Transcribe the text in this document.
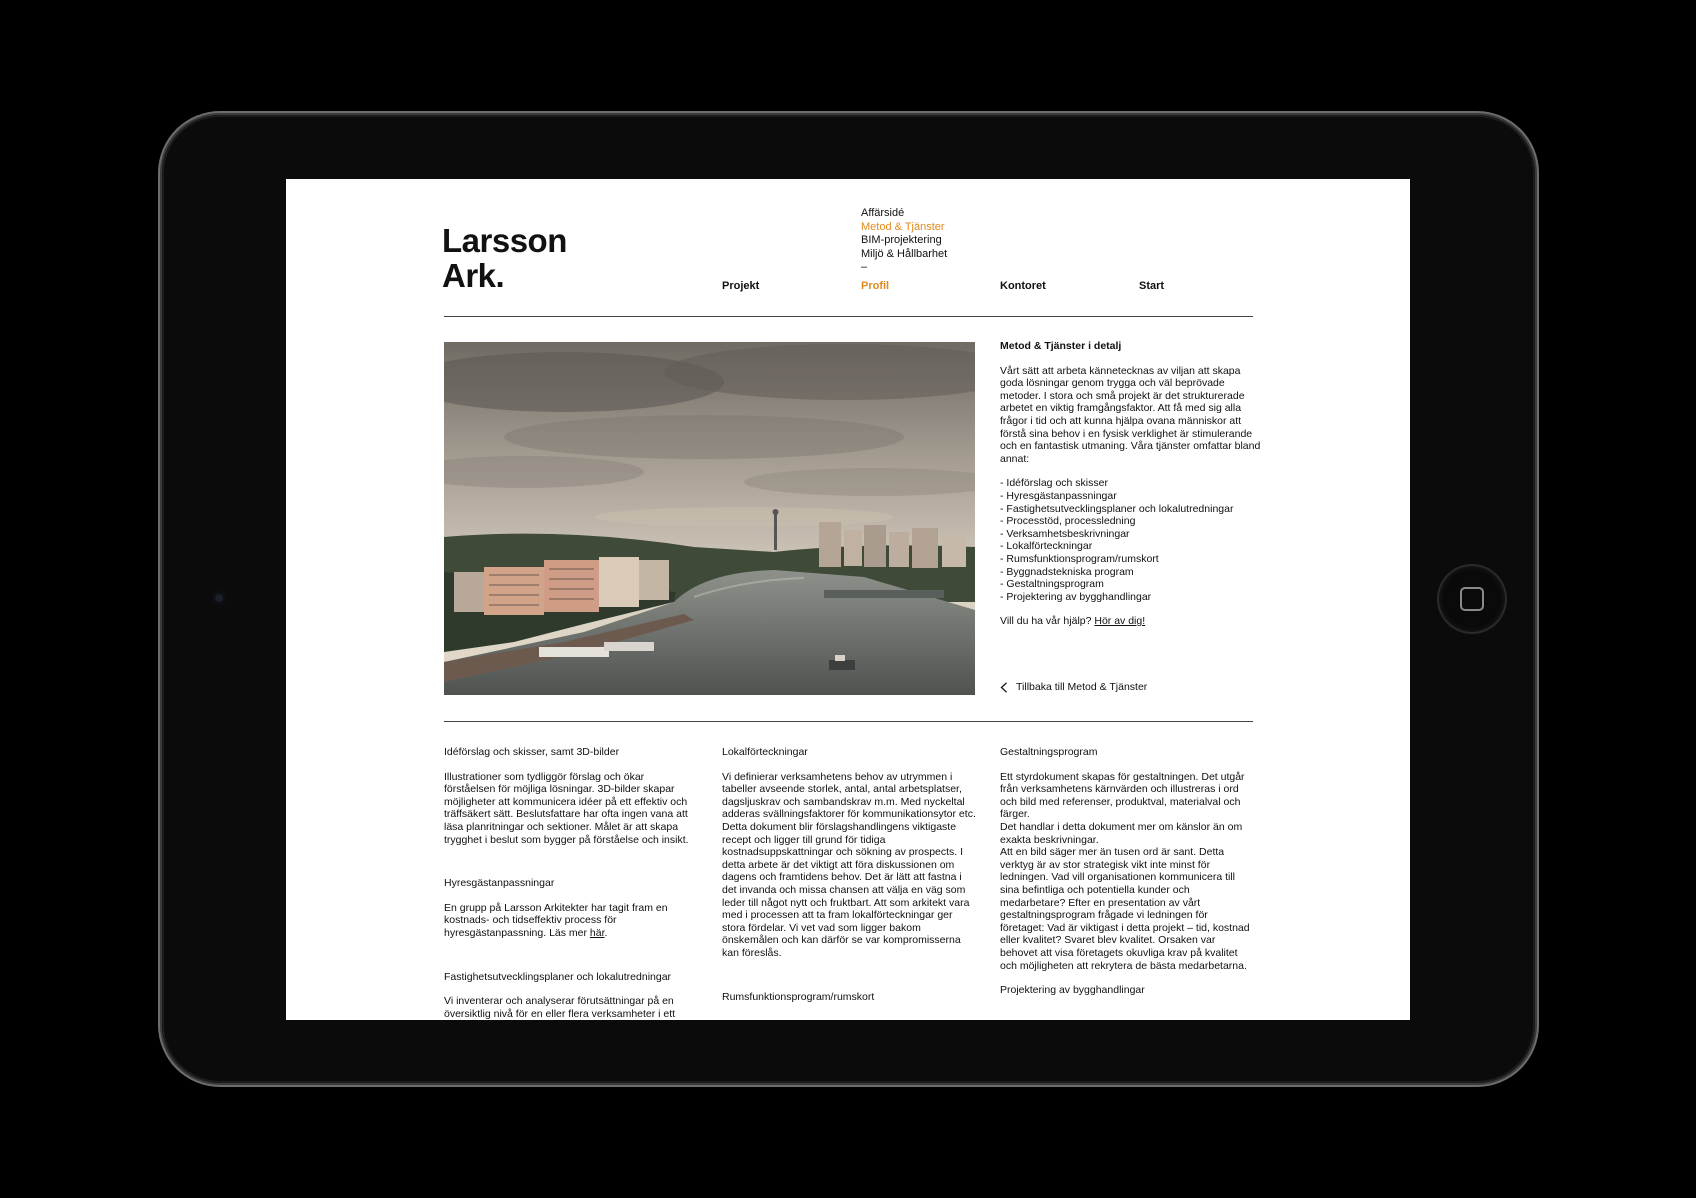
Larsson
Ark.
Affärsidé
Metod & Tjänster
BIM-projektering
Miljö & Hållbarhet
–
Projekt	Profil	Kontoret	Start
Metod & Tjänster i detalj

Vårt sätt att arbeta kännetecknas av viljan att skapa goda lösningar genom trygga och väl beprövade metoder. I stora och små projekt är det strukturerade arbetet en viktig framgångsfaktor. Att få med sig alla frågor i tid och att kunna hjälpa ovana människor att förstå sina behov i en fysisk verklighet är stimulerande och en fantastisk utmaning. Våra tjänster omfattar bland annat:

- Idéförslag och skisser
- Hyresgästanpassningar
- Fastighetsutvecklingsplaner och lokalutredningar
- Processtöd, processledning
- Verksamhetsbeskrivningar
- Lokalförteckningar
- Rumsfunktionsprogram/rumskort
- Byggnadstekniska program
- Gestaltningsprogram
- Projektering av bygghandlingar

Vill du ha vår hjälp? Hör av dig!

Tillbaka till Metod & Tjänster
Idéförslag och skisser, samt 3D-bilder

Illustrationer som tydliggör förslag och ökar förståelsen för möjliga lösningar. 3D-bilder skapar möjligheter att kommunicera idéer på ett effektiv och träffsäkert sätt. Beslutsfattare har ofta ingen vana att läsa planritningar och sektioner. Målet är att skapa trygghet i beslut som bygger på förståelse och insikt.

Hyresgästanpassningar

En grupp på Larsson Arkitekter har tagit fram en kostnads- och tidseffektiv process för hyresgästanpassning. Läs mer här.

Fastighetsutvecklingsplaner och lokalutredningar

Vi inventerar och analyserar förutsättningar på en översiktlig nivå för en eller flera verksamheter i ett

Lokalförteckningar

Vi definierar verksamhetens behov av utrymmen i tabeller avseende storlek, antal, antal arbetsplatser, dagsljuskrav och sambandskrav m.m. Med nyckeltal adderas svällningsfaktorer för kommunikationsytor etc.

Detta dokument blir förslagshandlingens viktigaste recept och ligger till grund för tidiga kostnadsuppskattningar och sökning av prospects. I detta arbete är det viktigt att föra diskussionen om dagens och framtidens behov. Det är lätt att fastna i det invanda och missa chansen att välja en väg som leder till något nytt och fruktbart. Att som arkitekt vara med i processen att ta fram lokalförteckningar ger stora fördelar. Vi vet vad som ligger bakom önskemålen och kan därför se var kompromisserna kan föreslås.

Rumsfunktionsprogram/rumskort
Gestaltningsprogram

Ett styrdokument skapas för gestaltningen. Det utgår från verksamhetens kärnvärden och illustreras i ord och bild med referenser, produktval, materialval och färger.

Det handlar i detta dokument mer om känslor än om exakta beskrivningar.

Att en bild säger mer än tusen ord är sant. Detta verktyg är av stor strategisk vikt inte minst för ledningen. Vad vill organisationen kommunicera till sina befintliga och potentiella kunder och medarbetare? Efter en presentation av vårt gestaltningsprogram frågade vi ledningen för företaget: Vad är viktigast i detta projekt – tid, kostnad eller kvalitet? Svaret blev kvalitet. Orsaken var behovet att visa företagets okuvliga krav på kvalitet och möjligheten att rekrytera de bästa medarbetarna.

Projektering av bygghandlingar
